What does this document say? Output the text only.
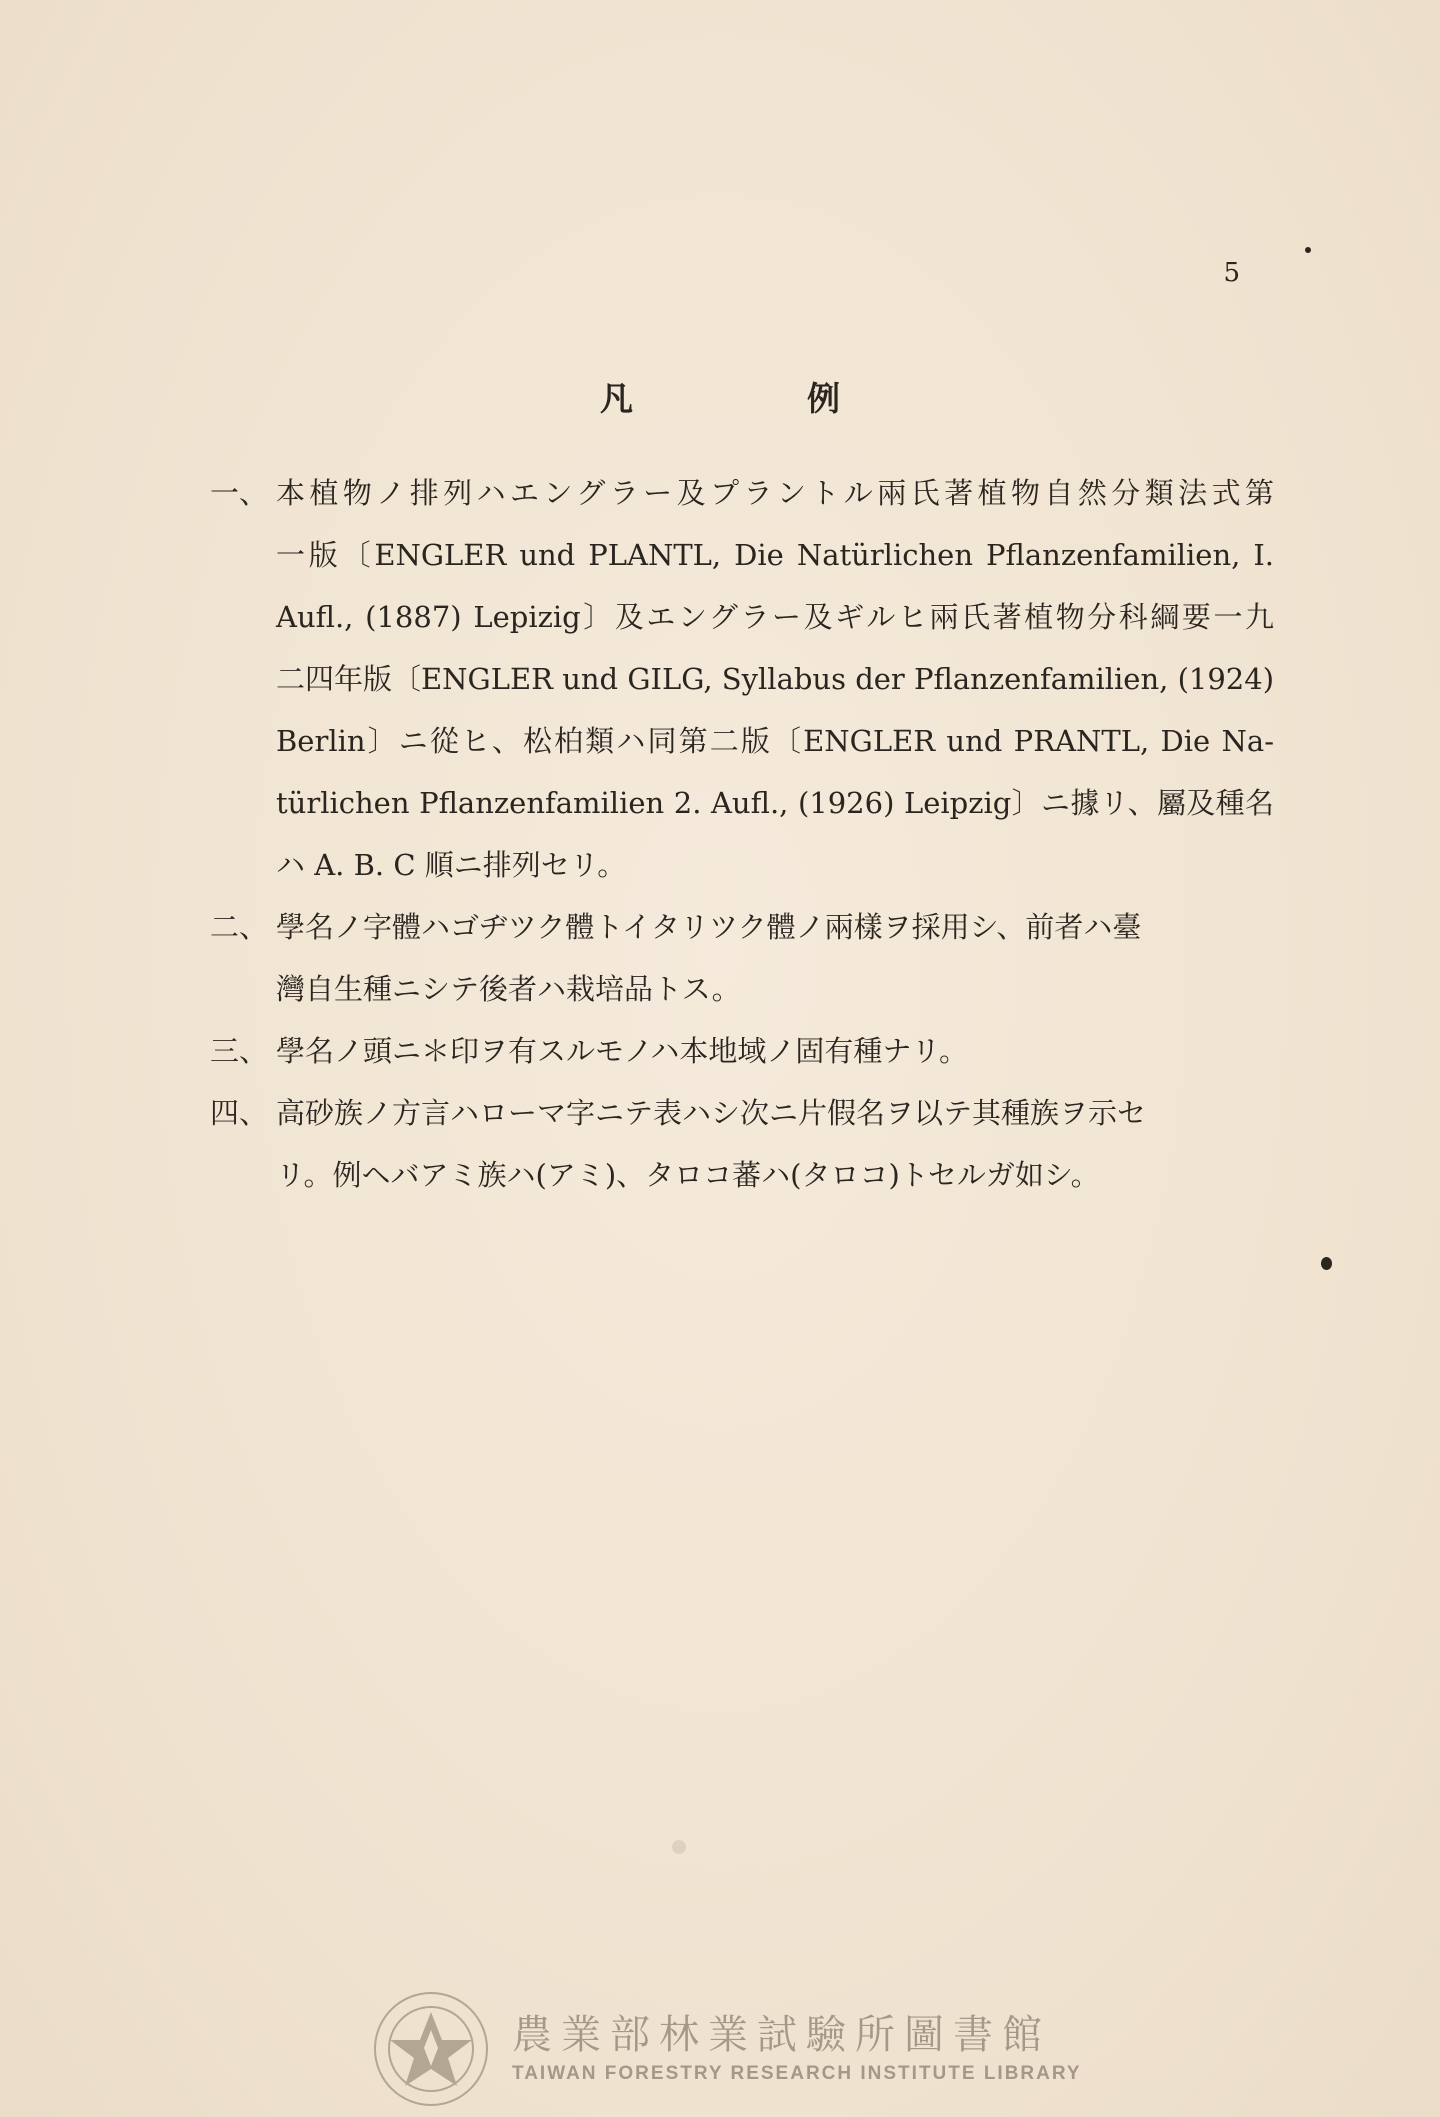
5
凡	例
一、 本植物ノ排列ハエングラー及プラントル兩氏著植物自然分類法式第
一版〔ENGLER und PLANTL, Die Natürlichen Pflanzenfamilien, I.
Aufl., (1887) Lepizig〕及エングラー及ギルヒ兩氏著植物分科綱要一九
二四年版〔ENGLER und GILG, Syllabus der Pflanzenfamilien, (1924)
Berlin〕ニ從ヒ、松柏類ハ同第二版〔ENGLER und PRANTL, Die Na-
türlichen Pflanzenfamilien 2. Aufl., (1926) Leipzig〕ニ據リ、屬及種名
ハ A. B. C 順ニ排列セリ。
二、 學名ノ字體ハゴヂツク體トイタリツク體ノ兩樣ヲ採用シ、前者ハ臺
灣自生種ニシテ後者ハ栽培品トス。
三、 學名ノ頭ニ＊印ヲ有スルモノハ本地域ノ固有種ナリ。
四、 高砂族ノ方言ハローマ字ニテ表ハシ次ニ片假名ヲ以テ其種族ヲ示セ
リ。例ヘバアミ族ハ(アミ)、タロコ蕃ハ(タロコ)トセルガ如シ。
農業部林業試驗所圖書館
TAIWAN FORESTRY RESEARCH INSTITUTE LIBRARY
